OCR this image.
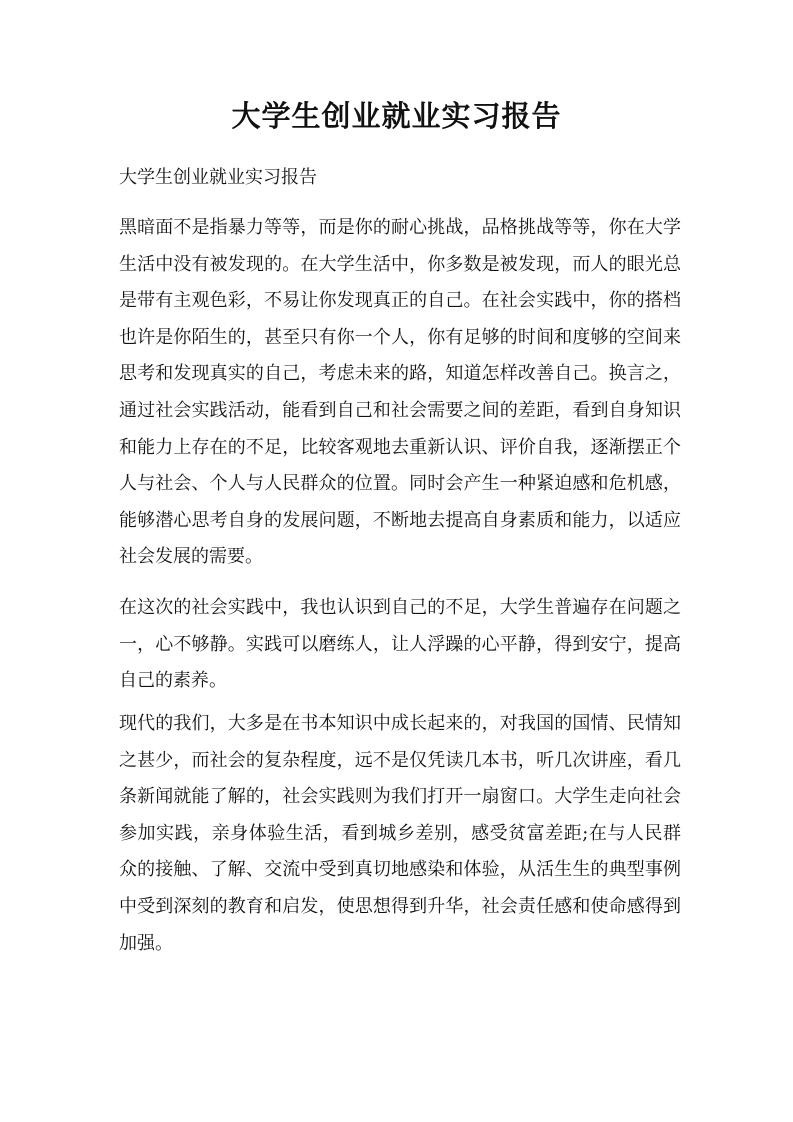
大学生创业就业实习报告

大学生创业就业实习报告

黑暗面不是指暴力等等，而是你的耐心挑战，品格挑战等等，你在大学生活中没有被发现的。在大学生活中，你多数是被发现，而人的眼光总是带有主观色彩，不易让你发现真正的自己。在社会实践中，你的搭档也许是你陌生的，甚至只有你一个人，你有足够的时间和度够的空间来思考和发现真实的自己，考虑未来的路，知道怎样改善自己。换言之，通过社会实践活动，能看到自己和社会需要之间的差距，看到自身知识和能力上存在的不足，比较客观地去重新认识、评价自我，逐渐摆正个人与社会、个人与人民群众的位置。同时会产生一种紧迫感和危机感，能够潜心思考自身的发展问题，不断地去提高自身素质和能力，以适应社会发展的需要。

在这次的社会实践中，我也认识到自己的不足，大学生普遍存在问题之一，心不够静。实践可以磨练人，让人浮躁的心平静，得到安宁，提高自己的素养。

现代的我们，大多是在书本知识中成长起来的，对我国的国情、民情知之甚少，而社会的复杂程度，远不是仅凭读几本书，听几次讲座，看几条新闻就能了解的，社会实践则为我们打开一扇窗口。大学生走向社会参加实践，亲身体验生活，看到城乡差别，感受贫富差距;在与人民群众的接触、了解、交流中受到真切地感染和体验，从活生生的典型事例中受到深刻的教育和启发，使思想得到升华，社会责任感和使命感得到加强。
